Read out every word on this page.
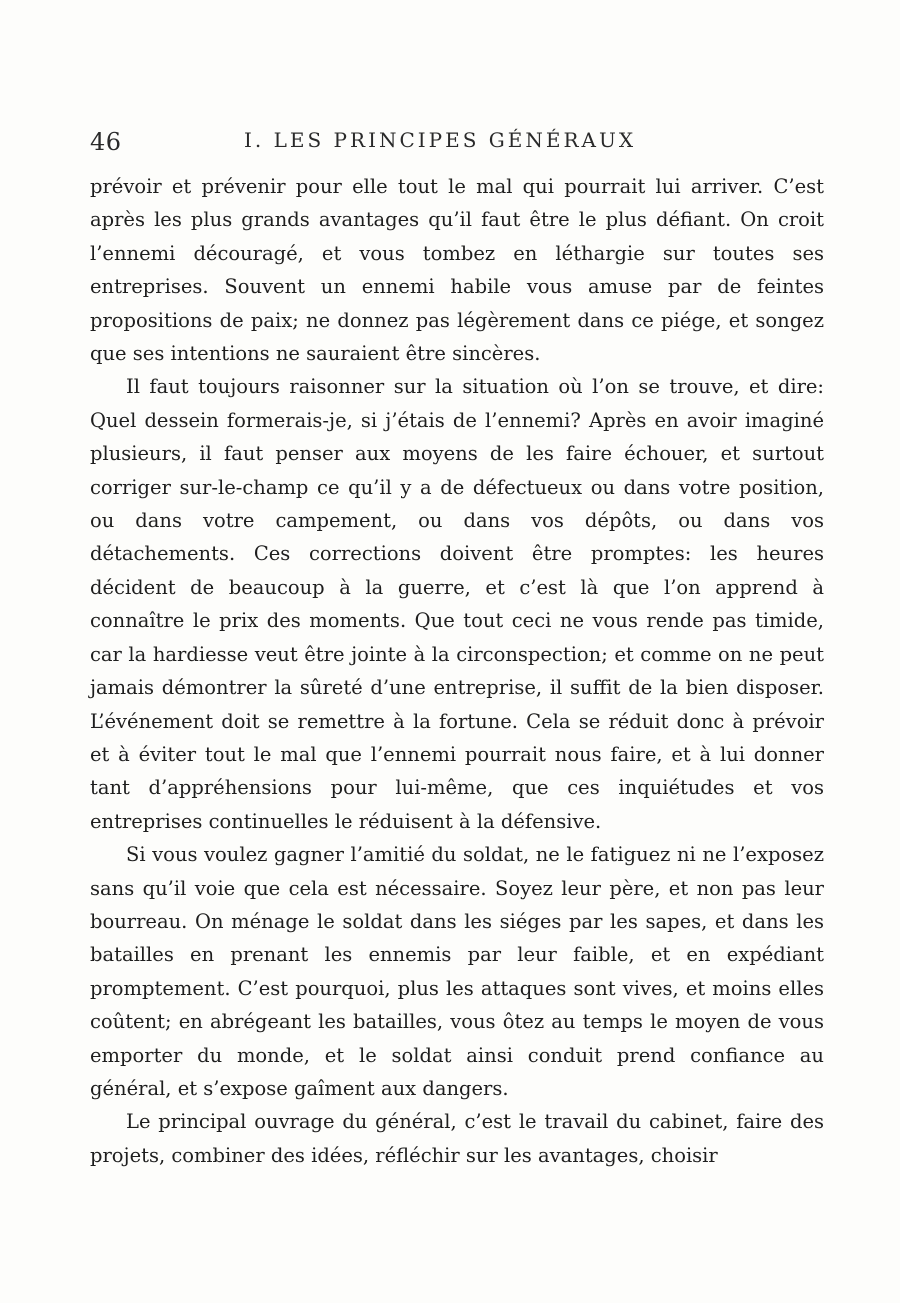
46	I. LES PRINCIPES GÉNÉRAUX

prévoir et prévenir pour elle tout le mal qui pourrait lui arriver. C’est après les plus grands avantages qu’il faut être le plus défiant. On croit l’ennemi découragé, et vous tombez en léthargie sur toutes ses entreprises. Souvent un ennemi habile vous amuse par de feintes propositions de paix; ne donnez pas légèrement dans ce piége, et songez que ses intentions ne sauraient être sincères.

Il faut toujours raisonner sur la situation où l’on se trouve, et dire: Quel dessein formerais-je, si j’étais de l’ennemi? Après en avoir imaginé plusieurs, il faut penser aux moyens de les faire échouer, et surtout corriger sur-le-champ ce qu’il y a de défectueux ou dans votre position, ou dans votre campement, ou dans vos dépôts, ou dans vos détachements. Ces corrections doivent être promptes: les heures décident de beaucoup à la guerre, et c’est là que l’on apprend à connaître le prix des moments. Que tout ceci ne vous rende pas timide, car la hardiesse veut être jointe à la circonspection; et comme on ne peut jamais démontrer la sûreté d’une entreprise, il suffit de la bien disposer. L’événement doit se remettre à la fortune. Cela se réduit donc à prévoir et à éviter tout le mal que l’ennemi pourrait nous faire, et à lui donner tant d’appréhensions pour lui-même, que ces inquiétudes et vos entreprises continuelles le réduisent à la défensive.

Si vous voulez gagner l’amitié du soldat, ne le fatiguez ni ne l’exposez sans qu’il voie que cela est nécessaire. Soyez leur père, et non pas leur bourreau. On ménage le soldat dans les siéges par les sapes, et dans les batailles en prenant les ennemis par leur faible, et en expédiant promptement. C’est pourquoi, plus les attaques sont vives, et moins elles coûtent; en abrégeant les batailles, vous ôtez au temps le moyen de vous emporter du monde, et le soldat ainsi conduit prend confiance au général, et s’expose gaîment aux dangers.

Le principal ouvrage du général, c’est le travail du cabinet, faire des projets, combiner des idées, réfléchir sur les avantages, choisir
